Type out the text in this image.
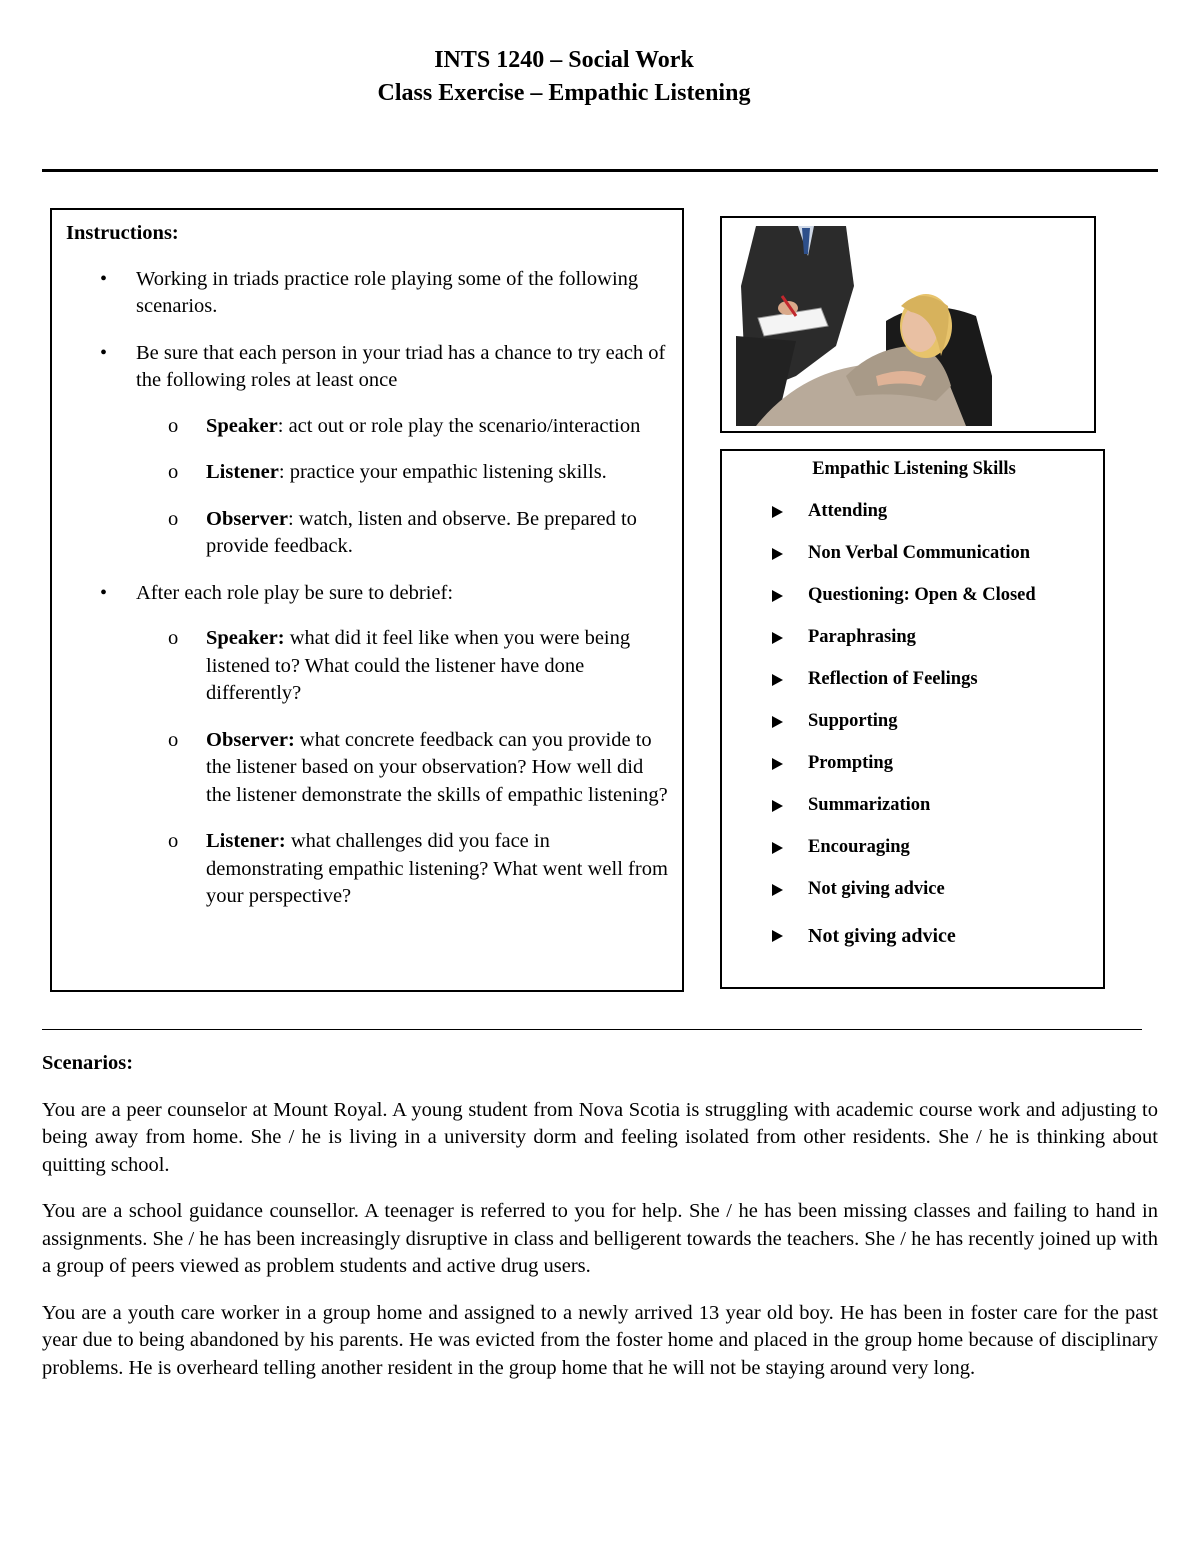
INTS 1240 – Social Work
Class Exercise – Empathic Listening
Instructions:
• Working in triads practice role playing some of the following scenarios.
• Be sure that each person in your triad has a chance to try each of the following roles at least once
o	Speaker: act out or role play the scenario/interaction
o	Listener: practice your empathic listening skills.
o	Observer: watch, listen and observe. Be prepared to provide feedback.
• After each role play be sure to debrief:
o	Speaker: what did it feel like when you were being listened to? What could the listener have done differently?
o	Observer: what concrete feedback can you provide to the listener based on your observation? How well did the listener demonstrate the skills of empathic listening?
o	Listener: what challenges did you face in demonstrating empathic listening? What went well from your perspective?
Empathic Listening Skills
Attending
Non Verbal Communication
Questioning: Open & Closed
Paraphrasing
Reflection of Feelings
Supporting
Prompting
Summarization
Encouraging
Not giving advice
Not giving advice
Scenarios:

You are a peer counselor at Mount Royal. A young student from Nova Scotia is struggling with academic course work and adjusting to being away from home. She / he is living in a university dorm and feeling isolated from other residents. She / he is thinking about quitting school.

You are a school guidance counsellor. A teenager is referred to you for help. She / he has been missing classes and failing to hand in assignments. She / he has been increasingly disruptive in class and belligerent towards the teachers. She / he has recently joined up with a group of peers viewed as problem students and active drug users.

You are a youth care worker in a group home and assigned to a newly arrived 13 year old boy. He has been in foster care for the past year due to being abandoned by his parents. He was evicted from the foster home and placed in the group home because of disciplinary problems. He is overheard telling another resident in the group home that he will not be staying around very long.
